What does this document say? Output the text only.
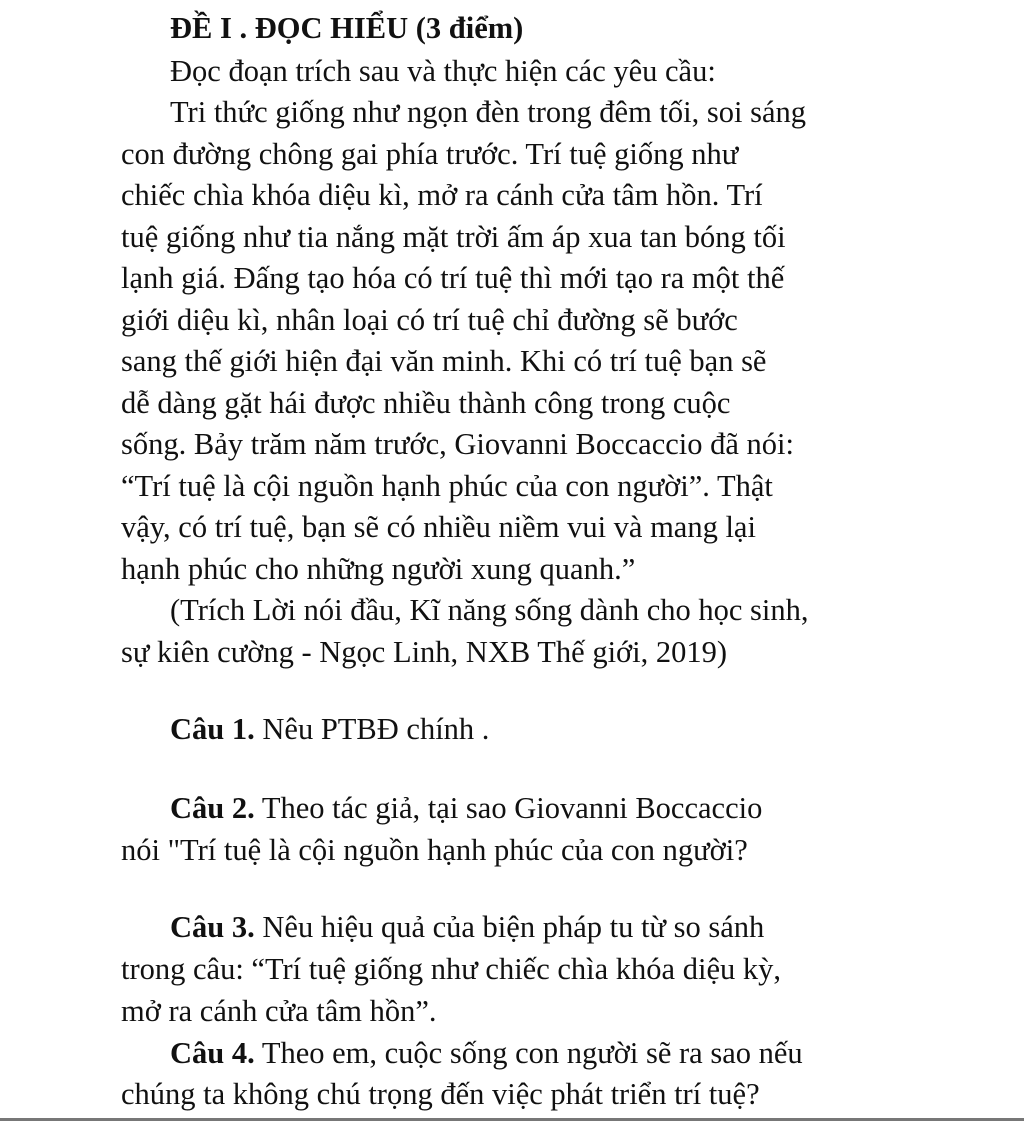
ĐỀ I . ĐỌC HIỂU (3 điểm)
Đọc đoạn trích sau và thực hiện các yêu cầu:
Tri thức giống như ngọn đèn trong đêm tối, soi sáng
con đường chông gai phía trước. Trí tuệ giống như
chiếc chìa khóa diệu kì, mở ra cánh cửa tâm hồn. Trí
tuệ giống như tia nắng mặt trời ấm áp xua tan bóng tối
lạnh giá. Đấng tạo hóa có trí tuệ thì mới tạo ra một thế
giới diệu kì, nhân loại có trí tuệ chỉ đường sẽ bước
sang thế giới hiện đại văn minh. Khi có trí tuệ bạn sẽ
dễ dàng gặt hái được nhiều thành công trong cuộc
sống. Bảy trăm năm trước, Giovanni Boccaccio đã nói:
“Trí tuệ là cội nguồn hạnh phúc của con người”. Thật
vậy, có trí tuệ, bạn sẽ có nhiều niềm vui và mang lại
hạnh phúc cho những người xung quanh.”
(Trích Lời nói đầu, Kĩ năng sống dành cho học sinh,
sự kiên cường - Ngọc Linh, NXB Thế giới, 2019)
Câu 1. Nêu PTBĐ chính .
Câu 2. Theo tác giả, tại sao Giovanni Boccaccio
nói "Trí tuệ là cội nguồn hạnh phúc của con người?
Câu 3. Nêu hiệu quả của biện pháp tu từ so sánh
trong câu: “Trí tuệ giống như chiếc chìa khóa diệu kỳ,
mở ra cánh cửa tâm hồn”.
Câu 4. Theo em, cuộc sống con người sẽ ra sao nếu
chúng ta không chú trọng đến việc phát triển trí tuệ?
